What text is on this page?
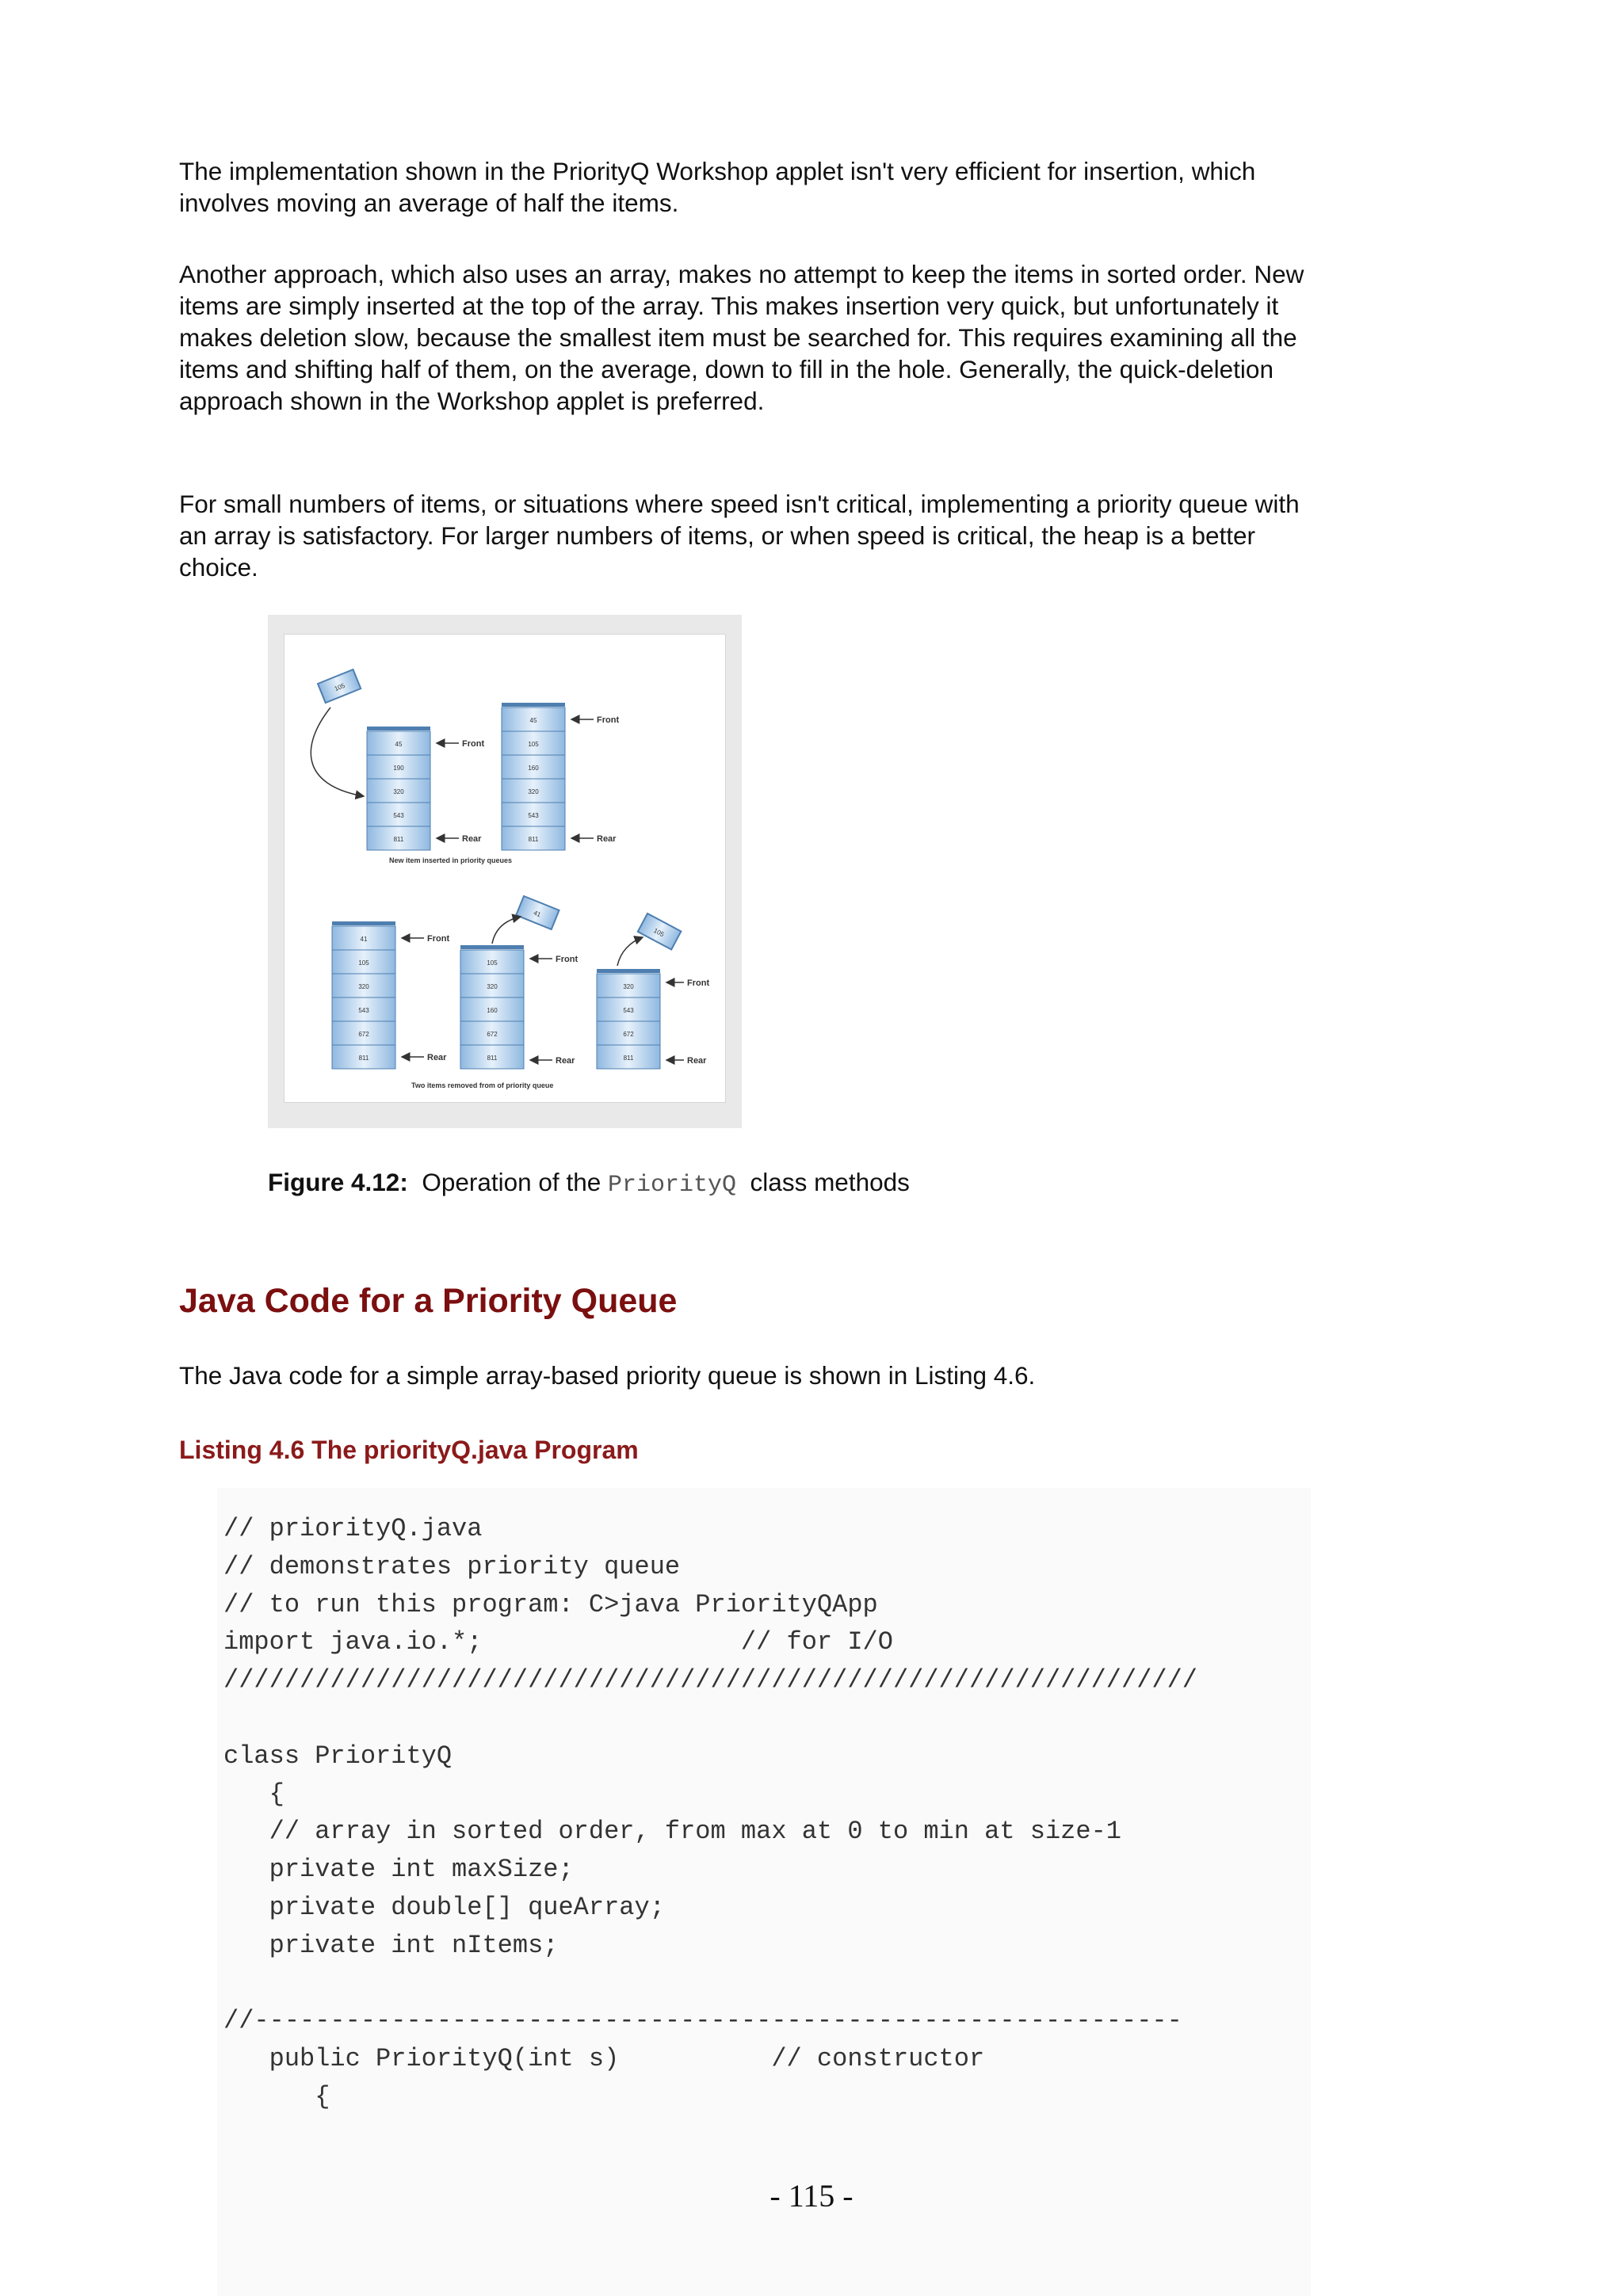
The implementation shown in the PriorityQ Workshop applet isn't very efficient for insertion, which involves moving an average of half the items.

Another approach, which also uses an array, makes no attempt to keep the items in sorted order. New items are simply inserted at the top of the array. This makes insertion very quick, but unfortunately it makes deletion slow, because the smallest item must be searched for. This requires examining all the items and shifting half of them, on the average, down to fill in the hole. Generally, the quick-deletion approach shown in the Workshop applet is preferred.

For small numbers of items, or situations where speed isn't critical, implementing a priority queue with an array is satisfactory. For larger numbers of items, or when speed is critical, the heap is a better choice.

105
45
190
320
543
811
Front
Rear
45
105
160
320
543
811
Front
Rear
New item inserted in priority queues
41
105
320
543
672
811
Front
Rear
41
105
320
160
672
811
Front
Rear
105
320
543
672
811
Front
Rear
Two items removed from of priority queue
Figure 4.12: Operation of the PriorityQ class methods
Java Code for a Priority Queue

The Java code for a simple array-based priority queue is shown in Listing 4.6.

Listing 4.6 The priorityQ.java Program
// priorityQ.java
// demonstrates priority queue
// to run this program: C>java PriorityQApp
import java.io.*;                 // for I/O
////////////////////////////////////////////////////////////////

class PriorityQ
{
// array in sorted order, from max at 0 to min at size-1
private int maxSize;
private double[] queArray;
private int nItems;

//-------------------------------------------------------------
public PriorityQ(int s)          // constructor
{
- 115 -
